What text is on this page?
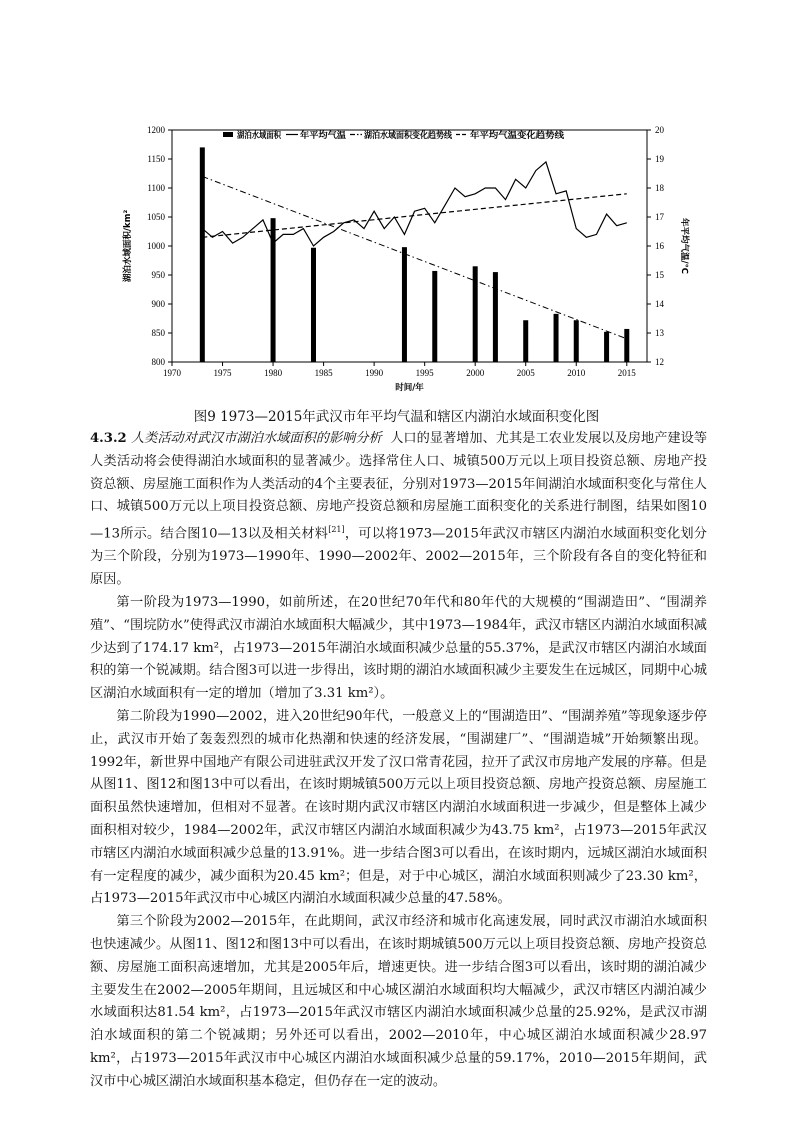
1970	1975	1980	1985	1990	1995	2000	2005	2010	2015
800
850
900
950
1000
1050
1100
1150
1200
12
13
14
15
16
17
18
19
20
湖泊水域面积 年平均气温	湖泊水域面积变化趋势线 年平均气温变化趋势线
时间/年
湖泊水域面积/km²	年平均气温/℃
图9 1973—2015年武汉市年平均气温和辖区内湖泊水域面积变化图

4.3.2 人类活动对武汉市湖泊水域面积的影响分析 人口的显著增加、尤其是工农业发展以及房地产建设等人类活动将会使得湖泊水域面积的显著减少。选择常住人口、城镇500万元以上项目投资总额、房地产投资总额、房屋施工面积作为人类活动的4个主要表征，分别对1973—2015年间湖泊水域面积变化与常住人口、城镇500万元以上项目投资总额、房地产投资总额和房屋施工面积变化的关系进行制图，结果如图10—13所示。结合图10—13以及相关材料[21]，可以将1973—2015年武汉市辖区内湖泊水域面积变化划分为三个阶段，分别为1973—1990年、1990—2002年、2002—2015年，三个阶段有各自的变化特征和原因。

第一阶段为1973—1990，如前所述，在20世纪70年代和80年代的大规模的“围湖造田”、“围湖养殖”、“围垸防水”使得武汉市湖泊水域面积大幅减少，其中1973—1984年，武汉市辖区内湖泊水域面积减少达到了174.17 km²，占1973—2015年湖泊水域面积减少总量的55.37%，是武汉市辖区内湖泊水域面积的第一个锐减期。结合图3可以进一步得出，该时期的湖泊水域面积减少主要发生在远城区，同期中心城区湖泊水域面积有一定的增加（增加了3.31 km²）。

第二阶段为1990—2002，进入20世纪90年代，一般意义上的“围湖造田”、“围湖养殖”等现象逐步停止，武汉市开始了轰轰烈烈的城市化热潮和快速的经济发展，“围湖建厂”、“围湖造城”开始频繁出现。1992年，新世界中国地产有限公司进驻武汉开发了汉口常青花园，拉开了武汉市房地产发展的序幕。但是从图11、图12和图13中可以看出，在该时期城镇500万元以上项目投资总额、房地产投资总额、房屋施工面积虽然快速增加，但相对不显著。在该时期内武汉市辖区内湖泊水域面积进一步减少，但是整体上减少面积相对较少，1984—2002年，武汉市辖区内湖泊水域面积减少为43.75 km²，占1973—2015年武汉市辖区内湖泊水域面积减少总量的13.91%。进一步结合图3可以看出，在该时期内，远城区湖泊水域面积有一定程度的减少，减少面积为20.45 km²；但是，对于中心城区，湖泊水域面积则减少了23.30 km²，占1973—2015年武汉市中心城区内湖泊水域面积减少总量的47.58%。

第三个阶段为2002—2015年，在此期间，武汉市经济和城市化高速发展，同时武汉市湖泊水域面积也快速减少。从图11、图12和图13中可以看出，在该时期城镇500万元以上项目投资总额、房地产投资总额、房屋施工面积高速增加，尤其是2005年后，增速更快。进一步结合图3可以看出，该时期的湖泊减少主要发生在2002—2005年期间，且远城区和中心城区湖泊水域面积均大幅减少，武汉市辖区内湖泊减少水域面积达81.54 km²，占1973—2015年武汉市辖区内湖泊水域面积减少总量的25.92%，是武汉市湖泊水域面积的第二个锐减期；另外还可以看出，2002—2010年，中心城区湖泊水域面积减少28.97 km²，占1973—2015年武汉市中心城区内湖泊水域面积减少总量的59.17%，2010—2015年期间，武汉市中心城区湖泊水域面积基本稳定，但仍存在一定的波动。
